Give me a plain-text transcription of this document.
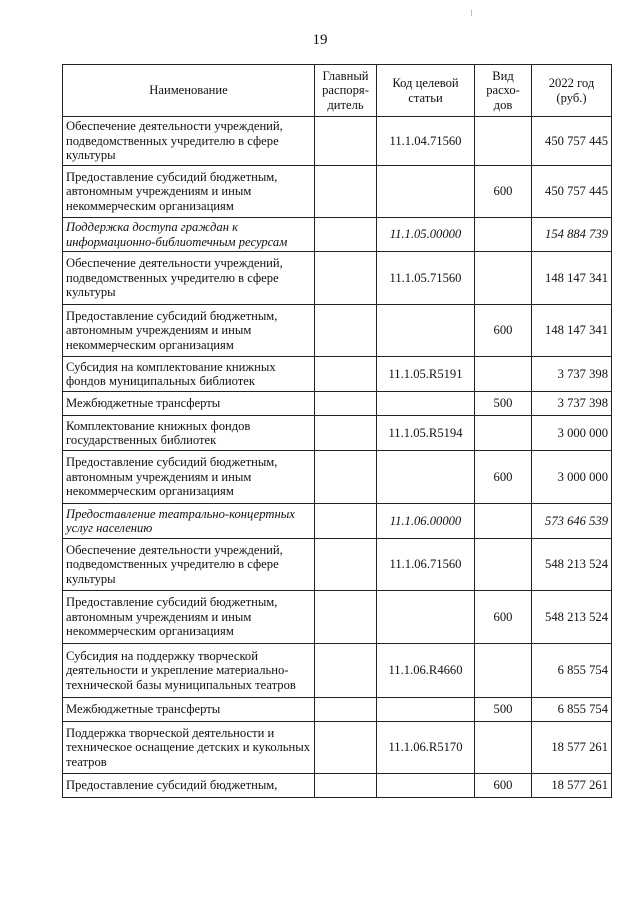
19
Наименование	Главный распоря-дитель	Код целевой статьи	Вид расхо-дов	2022 год (руб.)
Обеспечение деятельности учреждений, подведомственных учредителю в сфере культуры		11.1.04.71560		450 757 445
Предоставление субсидий бюджетным, автономным учреждениям и иным некоммерческим организациям			600	450 757 445
Поддержка доступа граждан к информационно-библиотечным ресурсам		11.1.05.00000		154 884 739
Обеспечение деятельности учреждений, подведомственных учредителю в сфере культуры		11.1.05.71560		148 147 341
Предоставление субсидий бюджетным, автономным учреждениям и иным некоммерческим организациям			600	148 147 341
Субсидия на комплектование книжных фондов муниципальных библиотек		11.1.05.R5191		3 737 398
Межбюджетные трансферты			500	3 737 398
Комплектование книжных фондов государственных библиотек		11.1.05.R5194		3 000 000
Предоставление субсидий бюджетным, автономным учреждениям и иным некоммерческим организациям			600	3 000 000
Предоставление театрально-концертных услуг населению		11.1.06.00000		573 646 539
Обеспечение деятельности учреждений, подведомственных учредителю в сфере культуры		11.1.06.71560		548 213 524
Предоставление субсидий бюджетным, автономным учреждениям и иным некоммерческим организациям			600	548 213 524
Субсидия на поддержку творческой деятельности и укрепление материально-технической базы муниципальных театров		11.1.06.R4660		6 855 754
Межбюджетные трансферты			500	6 855 754
Поддержка творческой деятельности и техническое оснащение детских и кукольных театров		11.1.06.R5170		18 577 261
Предоставление субсидий бюджетным,			600	18 577 261
